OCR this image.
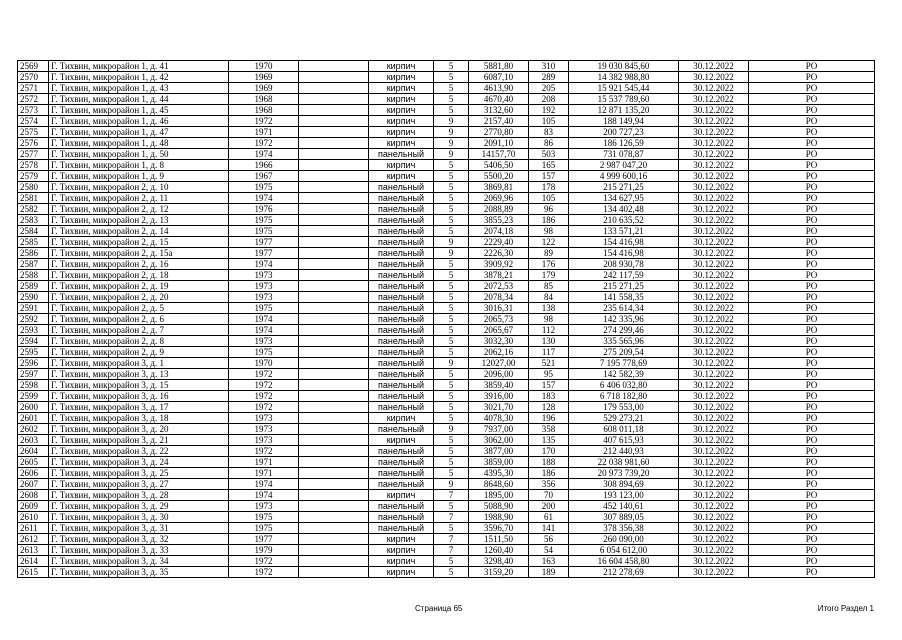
2569	Г. Тихвин, микрорайон 1, д. 41	1970		кирпич	5	5881,80	310	19 030 845,60	30.12.2022	РО
2570	Г. Тихвин, микрорайон 1, д. 42	1969		кирпич	5	6087,10	289	14 382 988,80	30.12.2022	РО
2571	Г. Тихвин, микрорайон 1, д. 43	1969		кирпич	5	4613,90	205	15 921 545,44	30.12.2022	РО
2572	Г. Тихвин, микрорайон 1, д. 44	1968		кирпич	5	4670,40	208	15 537 789,60	30.12.2022	РО
2573	Г. Тихвин, микрорайон 1, д. 45	1968		кирпич	5	3132,60	192	12 871 135,20	30.12.2022	РО
2574	Г. Тихвин, микрорайон 1, д. 46	1972		кирпич	9	2157,40	105	188 149,94	30.12.2022	РО
2575	Г. Тихвин, микрорайон 1, д. 47	1971		кирпич	9	2770,80	83	200 727,23	30.12.2022	РО
2576	Г. Тихвин, микрорайон 1, д. 48	1972		кирпич	9	2091,10	86	186 126,59	30.12.2022	РО
2577	Г. Тихвин, микрорайон 1, д. 50	1974		панельный	9	14157,70	503	731 078,87	30.12.2022	РО
2578	Г. Тихвин, микрорайон 1, д. 8	1966		кирпич	5	5406,50	165	2 987 047,20	30.12.2022	РО
2579	Г. Тихвин, микрорайон 1, д. 9	1967		кирпич	5	5500,20	157	4 999 600,16	30.12.2022	РО
2580	Г. Тихвин, микрорайон 2, д. 10	1975		панельный	5	3869,81	178	215 271,25	30.12.2022	РО
2581	Г. Тихвин, микрорайон 2, д. 11	1974		панельный	5	2069,96	105	134 627,95	30.12.2022	РО
2582	Г. Тихвин, микрорайон 2, д. 12	1976		панельный	5	2088,89	96	134 402,48	30.12.2022	РО
2583	Г. Тихвин, микрорайон 2, д. 13	1975		панельный	5	3855,23	186	210 635,52	30.12.2022	РО
2584	Г. Тихвин, микрорайон 2, д. 14	1975		панельный	5	2074,18	98	133 571,21	30.12.2022	РО
2585	Г. Тихвин, микрорайон 2, д. 15	1977		панельный	9	2229,40	122	154 416,98	30.12.2022	РО
2586	Г. Тихвин, микрорайон 2, д. 15а	1977		панельный	9	2226,30	89	154 416,98	30.12.2022	РО
2587	Г. Тихвин, микрорайон 2, д. 16	1974		панельный	5	3909,92	176	208 930,78	30.12.2022	РО
2588	Г. Тихвин, микрорайон 2, д. 18	1973		панельный	5	3878,21	179	242 117,59	30.12.2022	РО
2589	Г. Тихвин, микрорайон 2, д. 19	1973		панельный	5	2072,53	85	215 271,25	30.12.2022	РО
2590	Г. Тихвин, микрорайон 2, д. 20	1973		панельный	5	2078,34	84	141 558,35	30.12.2022	РО
2591	Г. Тихвин, микрорайон 2, д. 5	1975		панельный	5	3016,31	138	235 614,34	30.12.2022	РО
2592	Г. Тихвин, микрорайон 2, д. 6	1974		панельный	5	2065,73	98	142 335,96	30.12.2022	РО
2593	Г. Тихвин, микрорайон 2, д. 7	1974		панельный	5	2065,67	112	274 299,46	30.12.2022	РО
2594	Г. Тихвин, микрорайон 2, д. 8	1973		панельный	5	3032,30	130	335 565,96	30.12.2022	РО
2595	Г. Тихвин, микрорайон 2, д. 9	1975		панельный	5	2062,16	117	275 209,54	30.12.2022	РО
2596	Г. Тихвин, микрорайон 3, д. 1	1970		панельный	9	12027,00	521	7 195 778,69	30.12.2022	РО
2597	Г. Тихвин, микрорайон 3, д. 13	1972		панельный	5	2096,00	95	142 582,39	30.12.2022	РО
2598	Г. Тихвин, микрорайон 3, д. 15	1972		панельный	5	3859,40	157	6 406 032,80	30.12.2022	РО
2599	Г. Тихвин, микрорайон 3, д. 16	1972		панельный	5	3916,00	183	6 718 182,80	30.12.2022	РО
2600	Г. Тихвин, микрорайон 3, д. 17	1972		панельный	5	3021,70	128	179 553,00	30.12.2022	РО
2601	Г. Тихвин, микрорайон 3, д. 18	1973		кирпич	5	4078,30	196	529 273,21	30.12.2022	РО
2602	Г. Тихвин, микрорайон 3, д. 20	1973		панельный	9	7937,00	358	608 011,18	30.12.2022	РО
2603	Г. Тихвин, микрорайон 3, д. 21	1973		кирпич	5	3062,00	135	407 615,93	30.12.2022	РО
2604	Г. Тихвин, микрорайон 3, д. 22	1972		панельный	5	3877,00	170	212 440,93	30.12.2022	РО
2605	Г. Тихвин, микрорайон 3, д. 24	1971		панельный	5	3859,00	188	22 038 981,60	30.12.2022	РО
2606	Г. Тихвин, микрорайон 3, д. 25	1971		панельный	5	4395,30	186	20 973 739,20	30.12.2022	РО
2607	Г. Тихвин, микрорайон 3, д. 27	1974		панельный	9	8648,60	356	308 894,69	30.12.2022	РО
2608	Г. Тихвин, микрорайон 3, д. 28	1974		кирпич	7	1895,00	70	193 123,00	30.12.2022	РО
2609	Г. Тихвин, микрорайон 3, д. 29	1973		панельный	5	5088,90	200	452 140,61	30.12.2022	РО
2610	Г. Тихвин, микрорайон 3, д. 30	1975		панельный	7	1988,90	61	307 889,05	30.12.2022	РО
2611	Г. Тихвин, микрорайон 3, д. 31	1975		панельный	5	3596,70	141	378 356,38	30.12.2022	РО
2612	Г. Тихвин, микрорайон 3, д. 32	1977		кирпич	7	1511,50	56	260 090,00	30.12.2022	РО
2613	Г. Тихвин, микрорайон 3, д. 33	1979		кирпич	7	1260,40	54	6 054 612,00	30.12.2022	РО
2614	Г. Тихвин, микрорайон 3, д. 34	1972		кирпич	5	3298,40	163	16 604 458,80	30.12.2022	РО
2615	Г. Тихвин, микрорайон 3, д. 35	1972		кирпич	5	3159,20	189	212 278,69	30.12.2022	РО
Страница 65	Итого Раздел 1
